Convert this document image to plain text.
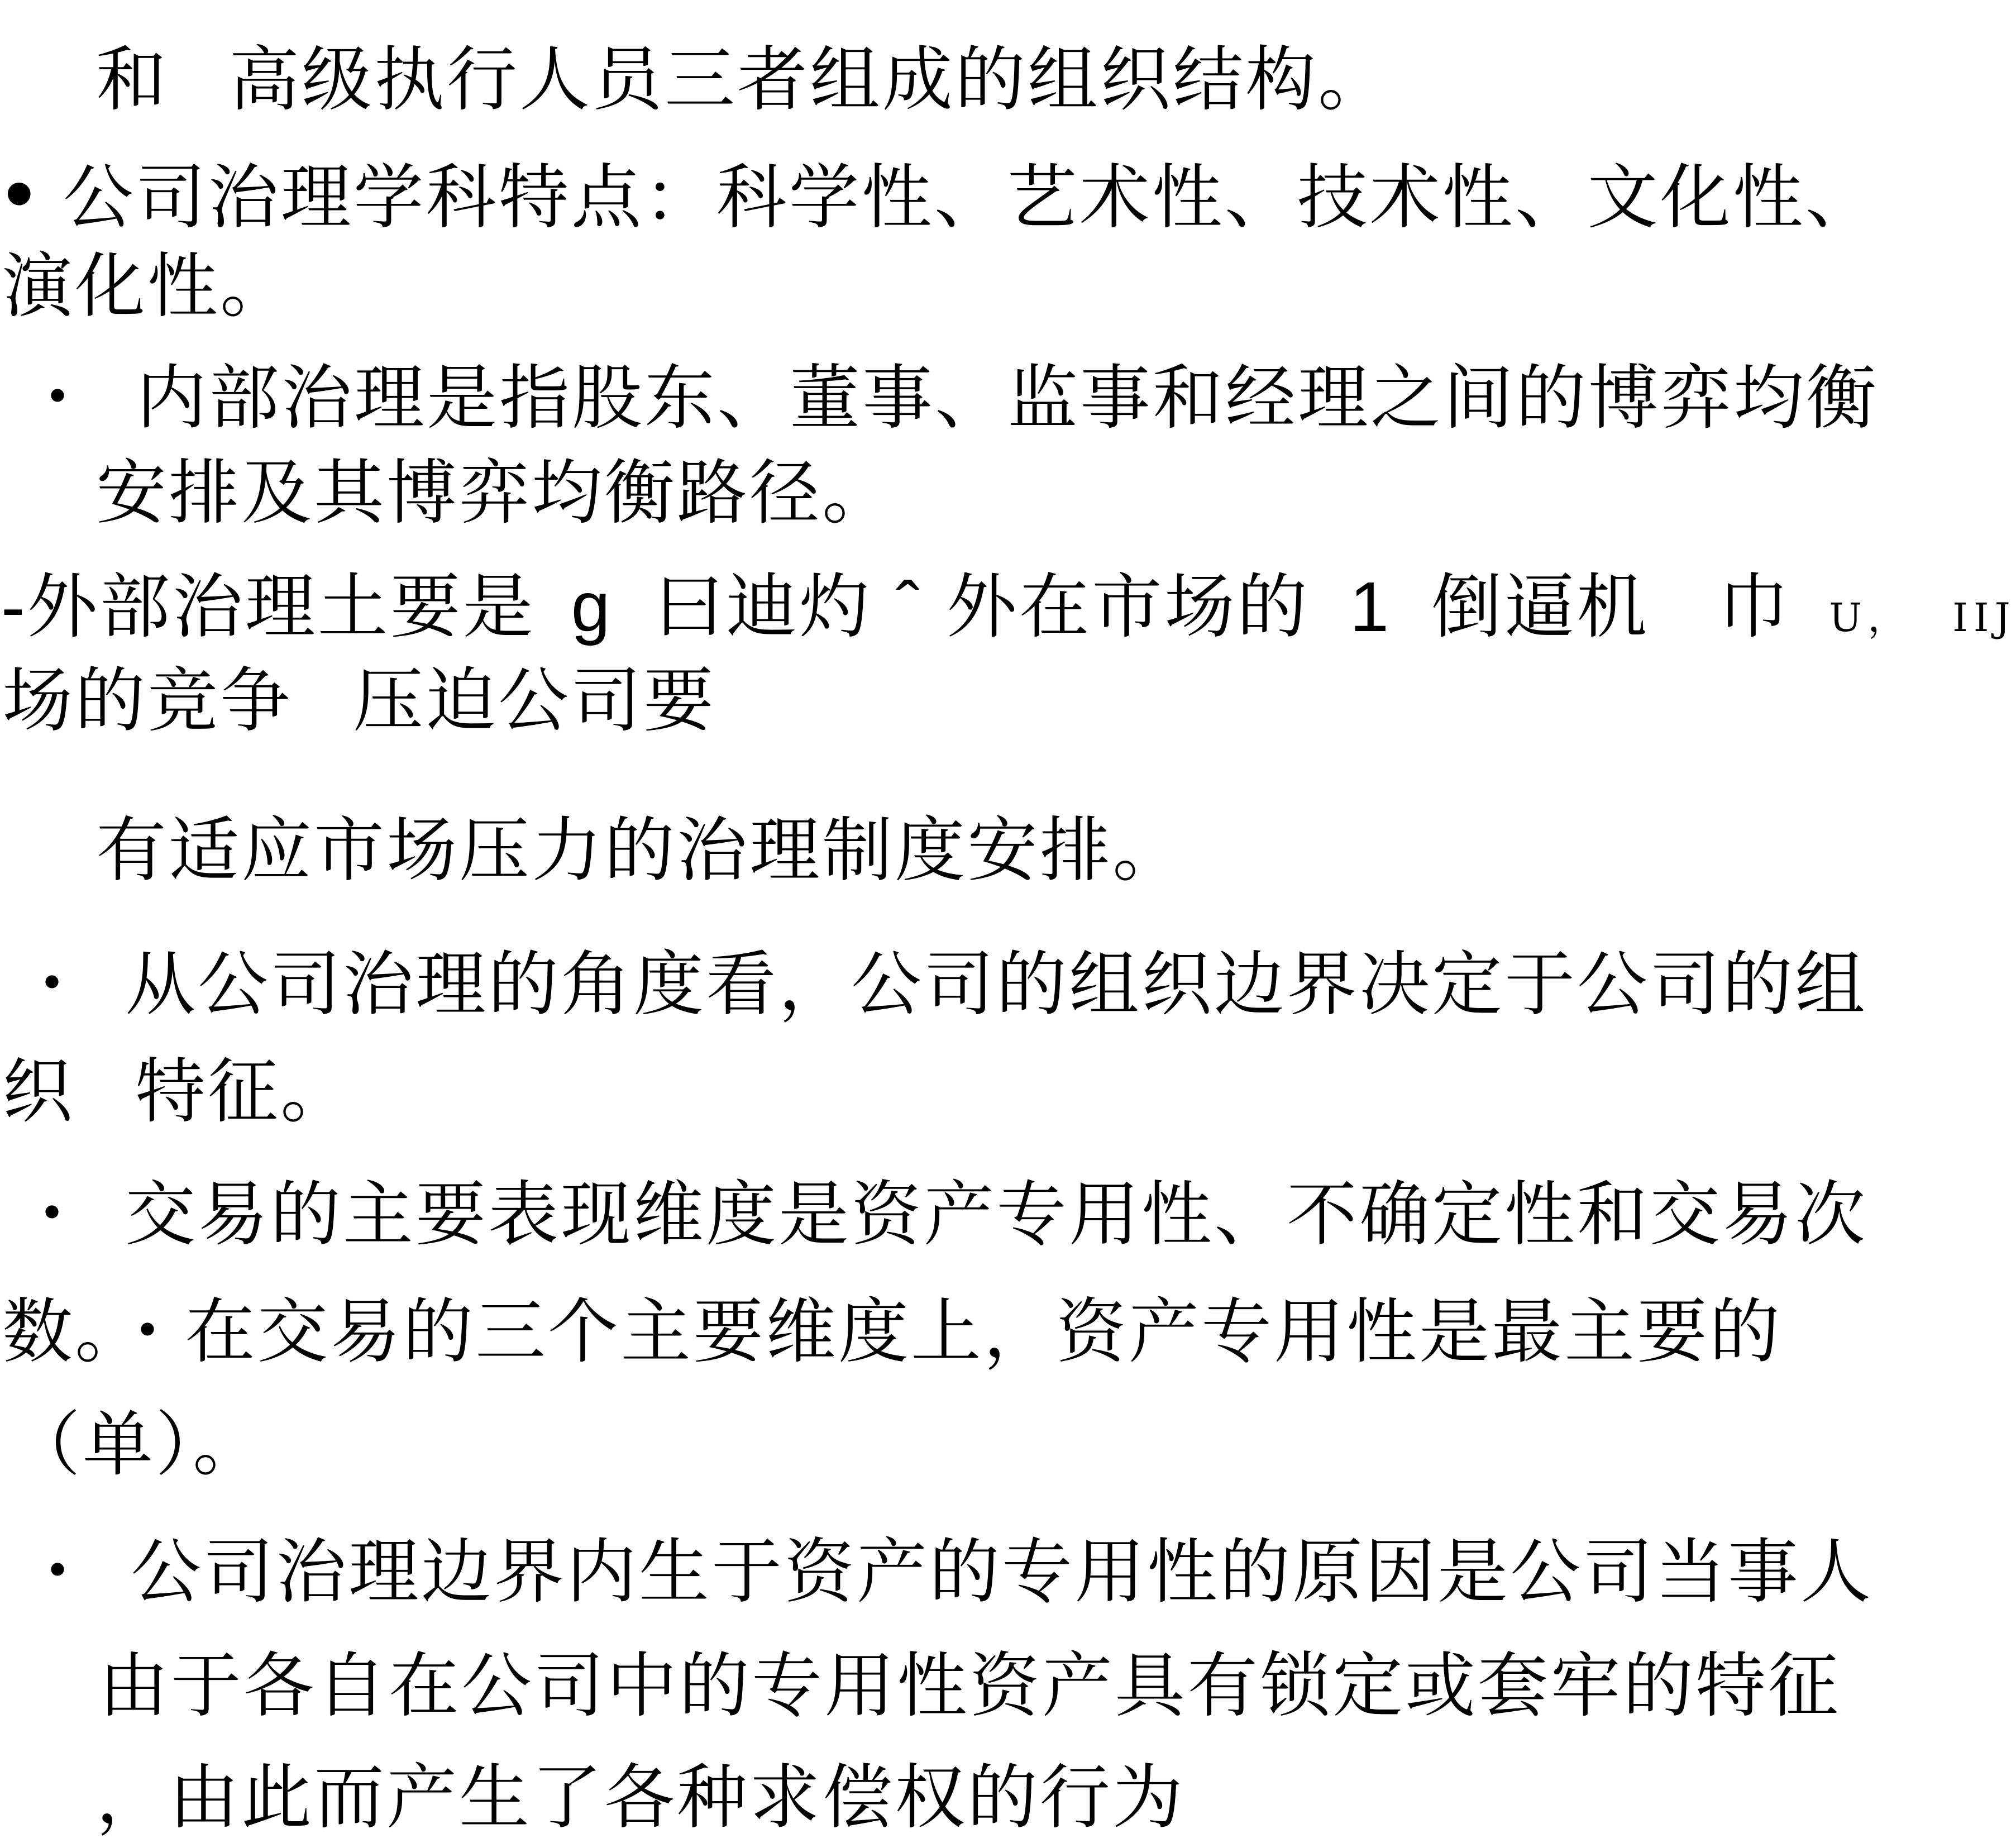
和 高级执行人员三者组成的组织结构。
• 公司治理学科特点：科学性、艺术性、技术性、文化性、
演化性。
・ 内部治理是指股东、董事、监事和经理之间的博弈均衡
安排及其博弈均衡路径。
-外部治理土要是 g 曰迪灼 ˆ 外在市场的 1 倒逼机 巾 U， IIJ
场的竞争 压迫公司要
有适应市场压力的治理制度安排。
・ 从公司治理的角度看，公司的组织边界决定于公司的组
织 特征。
・ 交易的主要表现维度是资产专用性、不确定性和交易次
数。・在交易的三个主要维度上，资产专用性是最主要的
（单）。
・ 公司治理边界内生于资产的专用性的原因是公司当事人
由于各自在公司中的专用性资产具有锁定或套牢的特征
，由此而产生了各种求偿权的行为
